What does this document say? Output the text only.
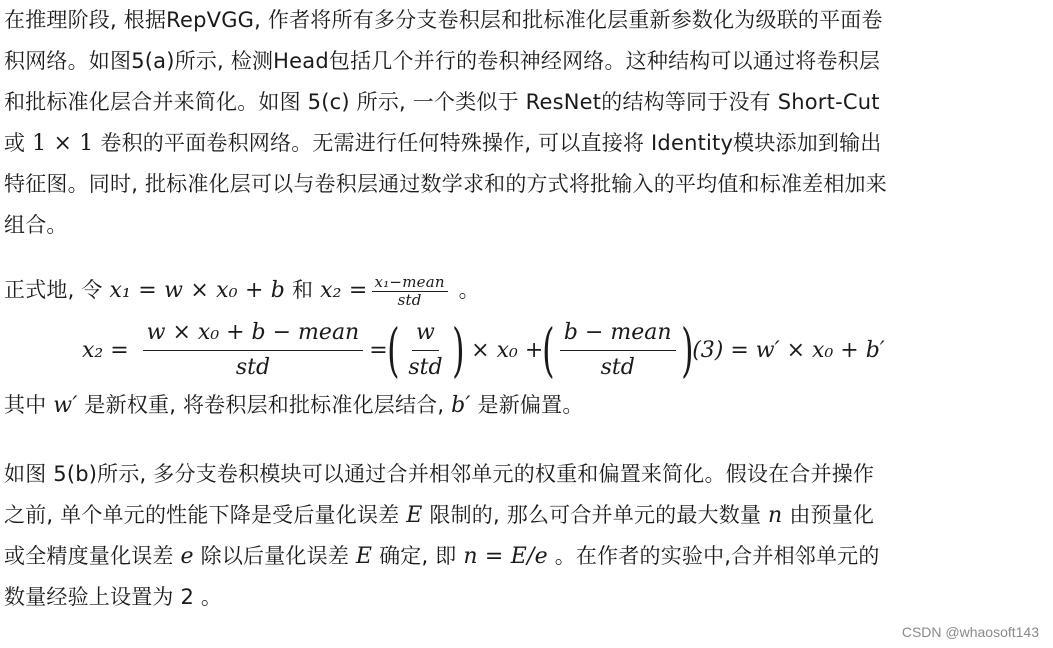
在推理阶段, 根据RepVGG, 作者将所有多分支卷积层和批标准化层重新参数化为级联的平面卷
积网络。如图5(a)所示, 检测Head包括几个并行的卷积神经网络。这种结构可以通过将卷积层
和批标准化层合并来简化。如图 5(c) 所示, 一个类似于 ResNet的结构等同于没有 Short-Cut
或 1 × 1 卷积的平面卷积网络。无需进行任何特殊操作, 可以直接将 Identity模块添加到输出
特征图。同时, 批标准化层可以与卷积层通过数学求和的方式将批输入的平均值和标准差相加来
组合。

正式地, 令 x₁ = w × x₀ + b 和 $x_2 = \frac{\text{x₁−mean}}{\text{std}}$ 。

$x_2 = \frac{\text{w × x₀ + b − mean}}{\text{std}}$ = ( $\frac{w}{\text{std}}$ ) × x₀ + ( $\frac{\text{b − mean}}{\text{std}}$ ) (3) = w′ × x₀ + b′

其中 w′ 是新权重, 将卷积层和批标准化层结合, b′ 是新偏置。

如图 5(b)所示, 多分支卷积模块可以通过合并相邻单元的权重和偏置来简化。假设在合并操作
之前, 单个单元的性能下降是受后量化误差 E 限制的, 那么可合并单元的最大数量 n 由预量化
或全精度量化误差 e 除以后量化误差 E 确定, 即 n = E/e 。在作者的实验中,合并相邻单元的
数量经验上设置为 2 。

CSDN @whaosoft143
